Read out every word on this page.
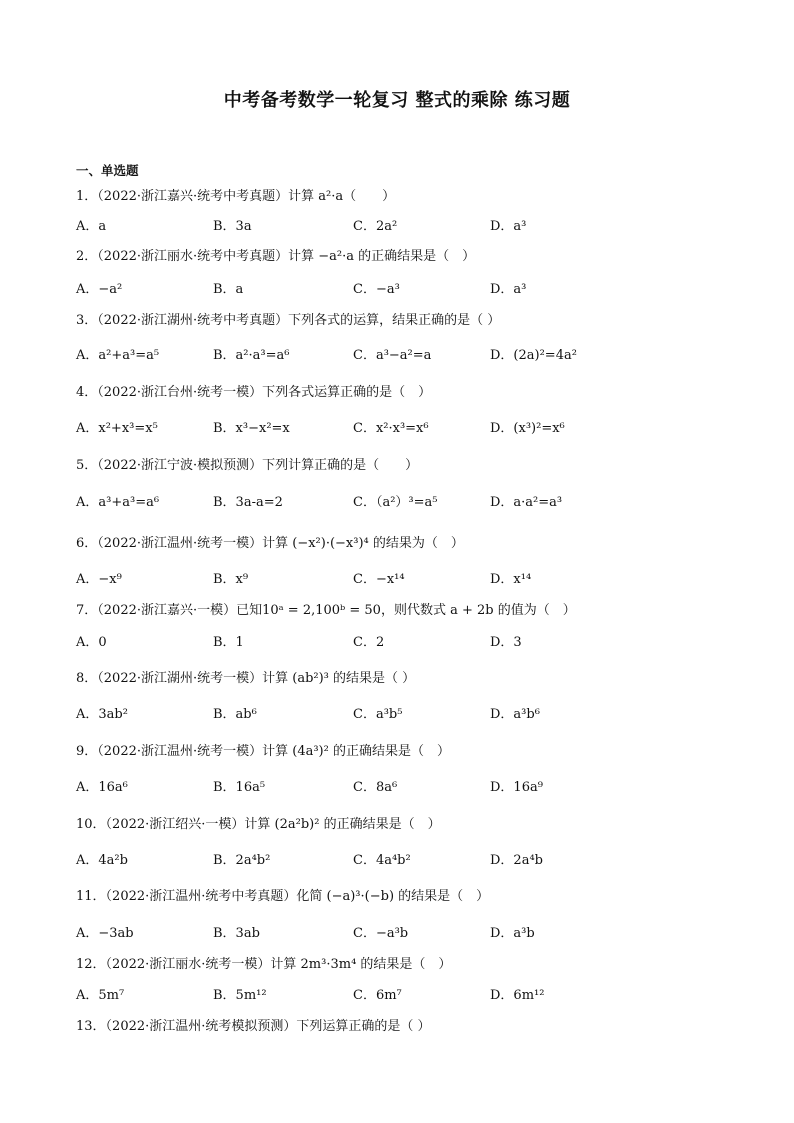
中考备考数学一轮复习 整式的乘除 练习题
一、单选题
1．（2022·浙江嘉兴·统考中考真题）计算 a²·a（　　）
A．a	B．3a	C．2a²	D．a³
2．（2022·浙江丽水·统考中考真题）计算 −a²·a 的正确结果是（　）
A．−a²	B．a	C．−a³	D．a³
3．（2022·浙江湖州·统考中考真题）下列各式的运算，结果正确的是（ ）
A．a²+a³=a⁵	B．a²·a³=a⁶	C．a³−a²=a	D．(2a)²=4a²
4．（2022·浙江台州·统考一模）下列各式运算正确的是（　）
A．x²+x³=x⁵	B．x³−x²=x	C．x²·x³=x⁶	D．(x³)²=x⁶
5．（2022·浙江宁波·模拟预测）下列计算正确的是（　　）
A．a³+a³=a⁶	B．3a-a=2	C．（a²）³=a⁵	D．a·a²=a³
6．（2022·浙江温州·统考一模）计算 (−x²)·(−x³)⁴ 的结果为（　）
A．−x⁹	B．x⁹	C．−x¹⁴	D．x¹⁴
7．（2022·浙江嘉兴·一模）已知10ᵃ = 2,100ᵇ = 50，则代数式 a + 2b 的值为（　）
A．0	B．1	C．2	D．3
8．（2022·浙江湖州·统考一模）计算 (ab²)³ 的结果是（ ）
A．3ab²	B．ab⁶	C．a³b⁵	D．a³b⁶
9．（2022·浙江温州·统考一模）计算 (4a³)² 的正确结果是（　）
A．16a⁶	B．16a⁵	C．8a⁶	D．16a⁹
10．（2022·浙江绍兴·一模）计算 (2a²b)² 的正确结果是（　）
A．4a²b	B．2a⁴b²	C．4a⁴b²	D．2a⁴b
11．（2022·浙江温州·统考中考真题）化简 (−a)³·(−b) 的结果是（　）
A．−3ab	B．3ab	C．−a³b	D．a³b
12．（2022·浙江丽水·统考一模）计算 2m³·3m⁴ 的结果是（　）
A．5m⁷	B．5m¹²	C．6m⁷	D．6m¹²
13．（2022·浙江温州·统考模拟预测）下列运算正确的是（ ）
